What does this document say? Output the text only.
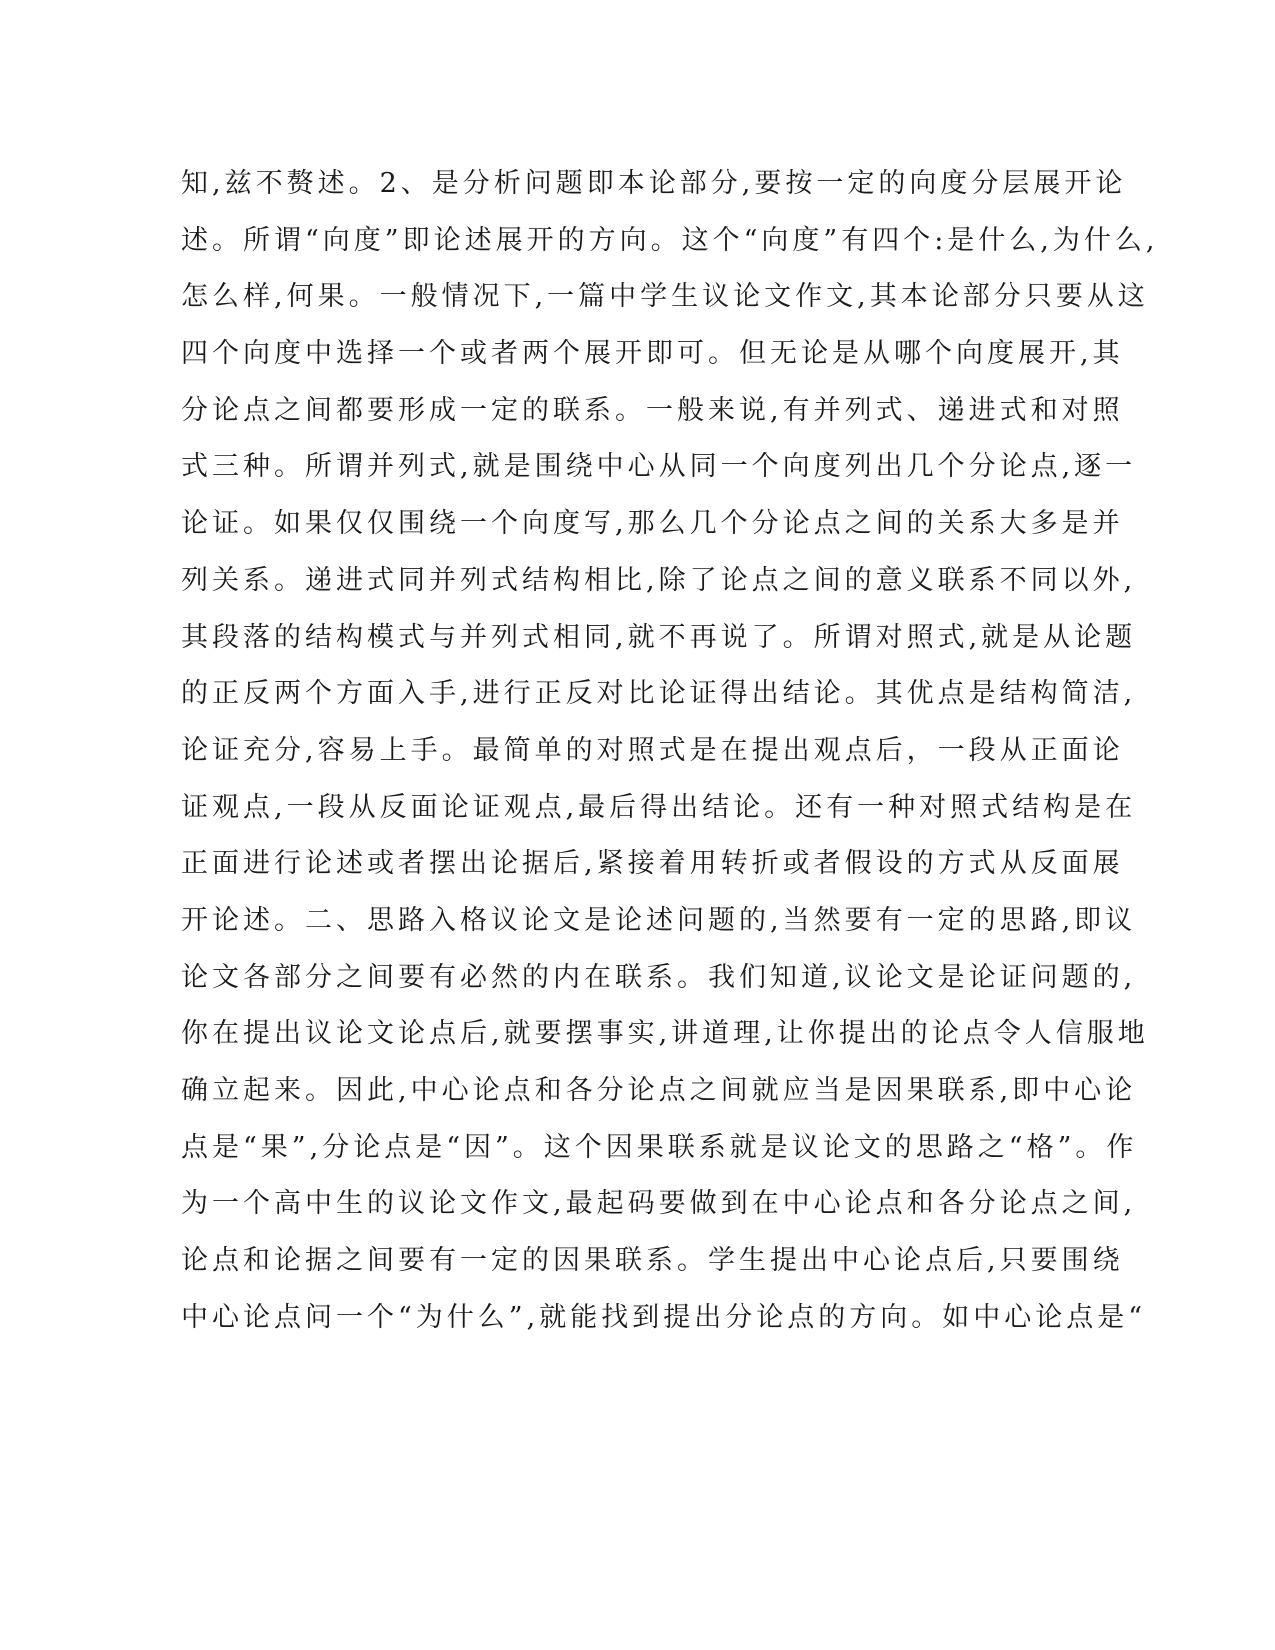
知,兹不赘述。2、是分析问题即本论部分,要按一定的向度分层展开论
述。所谓“向度”即论述展开的方向。这个“向度”有四个:是什么,为什么,
怎么样,何果。一般情况下,一篇中学生议论文作文,其本论部分只要从这
四个向度中选择一个或者两个展开即可。但无论是从哪个向度展开,其
分论点之间都要形成一定的联系。一般来说,有并列式、递进式和对照
式三种。所谓并列式,就是围绕中心从同一个向度列出几个分论点,逐一
论证。如果仅仅围绕一个向度写,那么几个分论点之间的关系大多是并
列关系。递进式同并列式结构相比,除了论点之间的意义联系不同以外,
其段落的结构模式与并列式相同,就不再说了。所谓对照式,就是从论题
的正反两个方面入手,进行正反对比论证得出结论。其优点是结构简洁,
论证充分,容易上手。最简单的对照式是在提出观点后，一段从正面论
证观点,一段从反面论证观点,最后得出结论。还有一种对照式结构是在
正面进行论述或者摆出论据后,紧接着用转折或者假设的方式从反面展
开论述。二、思路入格议论文是论述问题的,当然要有一定的思路,即议
论文各部分之间要有必然的内在联系。我们知道,议论文是论证问题的,
你在提出议论文论点后,就要摆事实,讲道理,让你提出的论点令人信服地
确立起来。因此,中心论点和各分论点之间就应当是因果联系,即中心论
点是“果”,分论点是“因”。这个因果联系就是议论文的思路之“格”。作
为一个高中生的议论文作文,最起码要做到在中心论点和各分论点之间,
论点和论据之间要有一定的因果联系。学生提出中心论点后,只要围绕
中心论点问一个“为什么”,就能找到提出分论点的方向。如中心论点是“
